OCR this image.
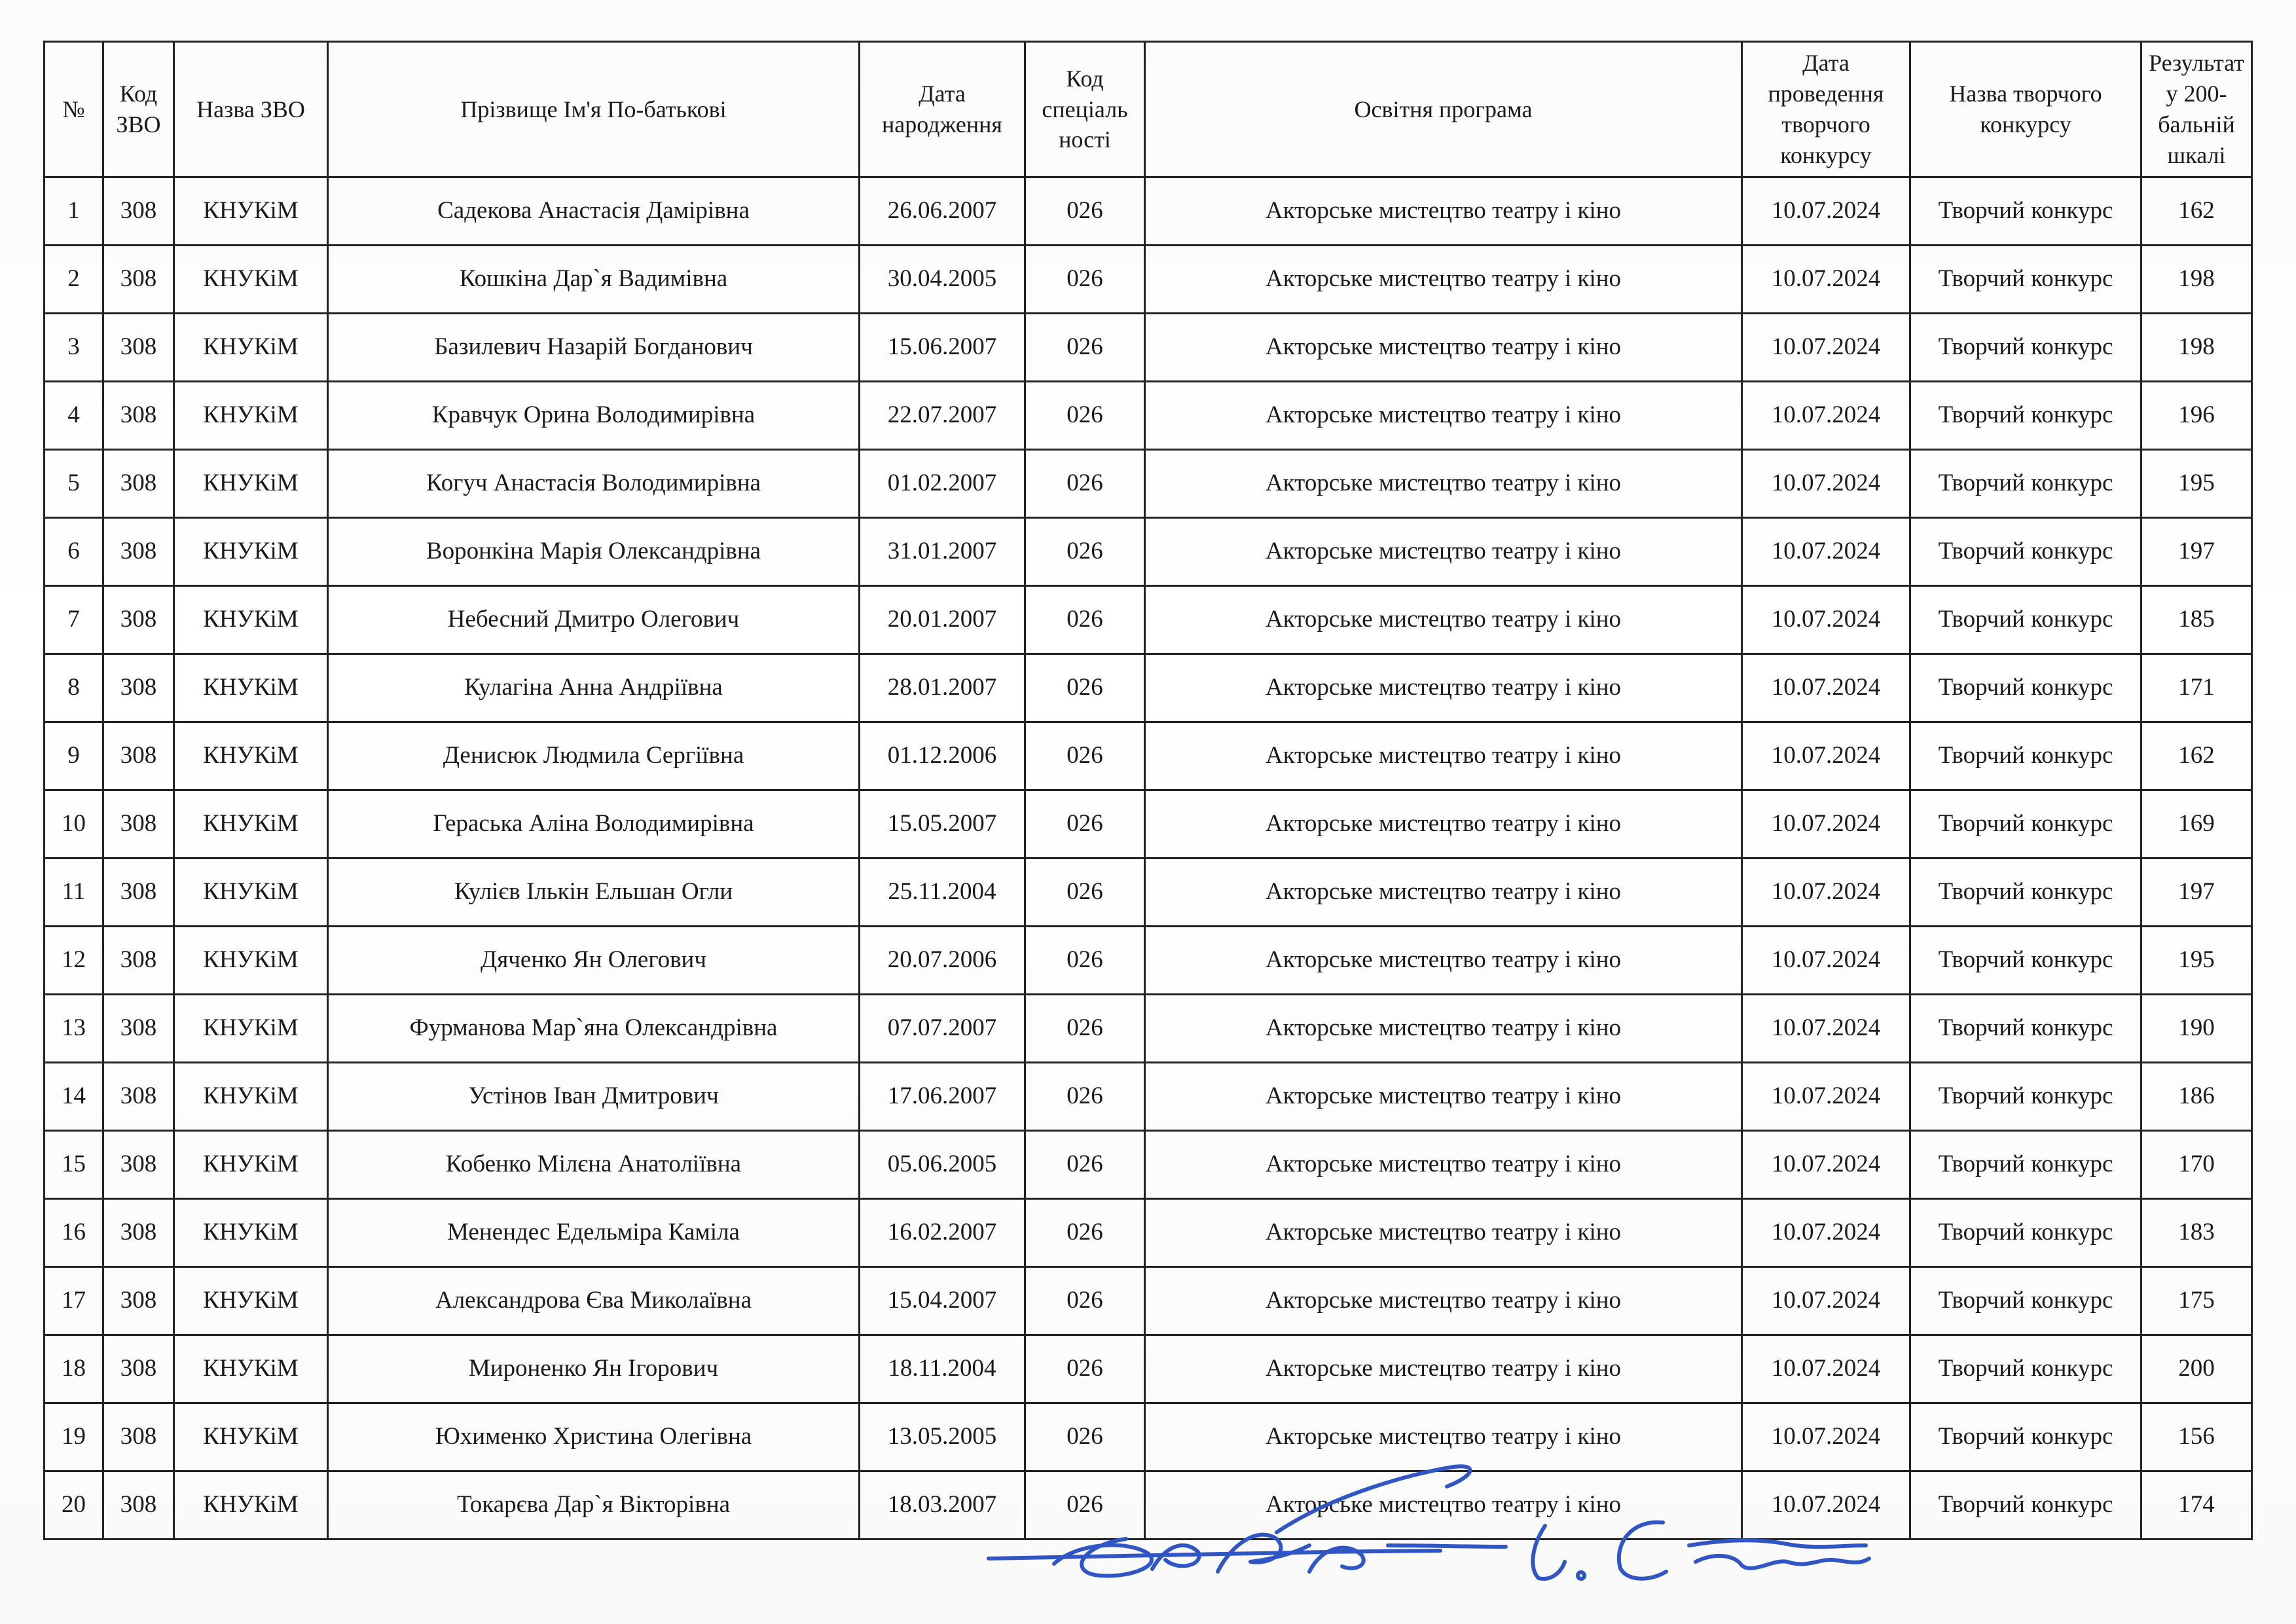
№	Код ЗВО	Назва ЗВО	Прізвище Ім'я По-батькові	Дата народження	Код спеціаль ності	Освітня програма	Дата проведення творчого конкурсу	Назва творчого конкурсу	Результат у 200-бальній шкалі
1	308	КНУКіМ	Садекова Анастасія Дамірівна	26.06.2007	026	Акторське мистецтво театру і кіно	10.07.2024	Творчий конкурс	162
2	308	КНУКіМ	Кошкіна Дар`я Вадимівна	30.04.2005	026	Акторське мистецтво театру і кіно	10.07.2024	Творчий конкурс	198
3	308	КНУКіМ	Базилевич Назарій Богданович	15.06.2007	026	Акторське мистецтво театру і кіно	10.07.2024	Творчий конкурс	198
4	308	КНУКіМ	Кравчук Орина Володимирівна	22.07.2007	026	Акторське мистецтво театру і кіно	10.07.2024	Творчий конкурс	196
5	308	КНУКіМ	Когуч Анастасія Володимирівна	01.02.2007	026	Акторське мистецтво театру і кіно	10.07.2024	Творчий конкурс	195
6	308	КНУКіМ	Воронкіна Марія Олександрівна	31.01.2007	026	Акторське мистецтво театру і кіно	10.07.2024	Творчий конкурс	197
7	308	КНУКіМ	Небесний Дмитро Олегович	20.01.2007	026	Акторське мистецтво театру і кіно	10.07.2024	Творчий конкурс	185
8	308	КНУКіМ	Кулагіна Анна Андріївна	28.01.2007	026	Акторське мистецтво театру і кіно	10.07.2024	Творчий конкурс	171
9	308	КНУКіМ	Денисюк Людмила Сергіївна	01.12.2006	026	Акторське мистецтво театру і кіно	10.07.2024	Творчий конкурс	162
10	308	КНУКіМ	Гераська Аліна Володимирівна	15.05.2007	026	Акторське мистецтво театру і кіно	10.07.2024	Творчий конкурс	169
11	308	КНУКіМ	Кулієв Ількін Ельшан Огли	25.11.2004	026	Акторське мистецтво театру і кіно	10.07.2024	Творчий конкурс	197
12	308	КНУКіМ	Дяченко Ян Олегович	20.07.2006	026	Акторське мистецтво театру і кіно	10.07.2024	Творчий конкурс	195
13	308	КНУКіМ	Фурманова Мар`яна Олександрівна	07.07.2007	026	Акторське мистецтво театру і кіно	10.07.2024	Творчий конкурс	190
14	308	КНУКіМ	Устінов Іван Дмитрович	17.06.2007	026	Акторське мистецтво театру і кіно	10.07.2024	Творчий конкурс	186
15	308	КНУКіМ	Кобенко Мілєна Анатоліївна	05.06.2005	026	Акторське мистецтво театру і кіно	10.07.2024	Творчий конкурс	170
16	308	КНУКіМ	Менендес Едельміра Каміла	16.02.2007	026	Акторське мистецтво театру і кіно	10.07.2024	Творчий конкурс	183
17	308	КНУКіМ	Александрова Єва Миколаївна	15.04.2007	026	Акторське мистецтво театру і кіно	10.07.2024	Творчий конкурс	175
18	308	КНУКіМ	Мироненко Ян Ігорович	18.11.2004	026	Акторське мистецтво театру і кіно	10.07.2024	Творчий конкурс	200
19	308	КНУКіМ	Юхименко Христина Олегівна	13.05.2005	026	Акторське мистецтво театру і кіно	10.07.2024	Творчий конкурс	156
20	308	КНУКіМ	Токарєва Дар`я Вікторівна	18.03.2007	026	Акторське мистецтво театру і кіно	10.07.2024	Творчий конкурс	174
